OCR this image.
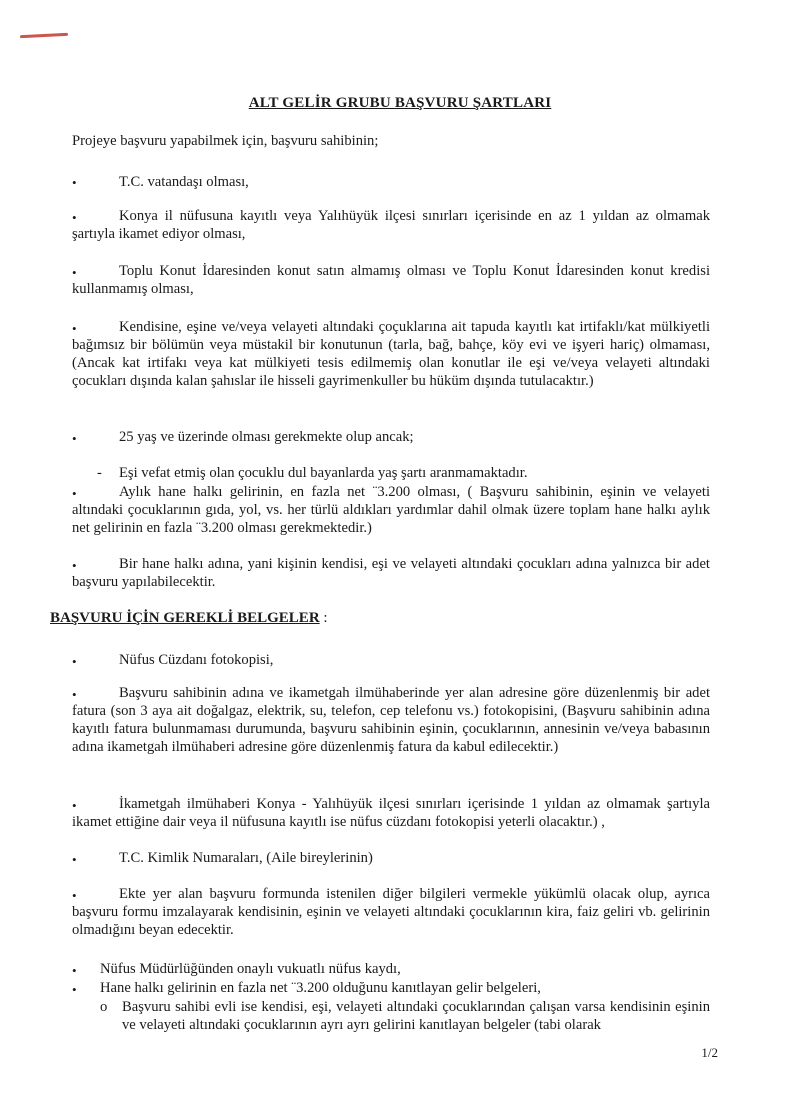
ALT GELİR GRUBU BAŞVURU ŞARTLARI
Projeye başvuru yapabilmek için, başvuru sahibinin;
•	T.C. vatandaşı olması,
•	Konya il nüfusuna kayıtlı veya Yalıhüyük ilçesi sınırları içerisinde en az 1 yıldan az olmamak şartıyla ikamet ediyor olması,
•	Toplu Konut İdaresinden konut satın almamış olması ve Toplu Konut İdaresinden konut kredisi kullanmamış olması,
•	Kendisine, eşine ve/veya velayeti altındaki çoçuklarına ait tapuda kayıtlı kat irtifaklı/kat mülkiyetli bağımsız bir bölümün veya müstakil bir konutunun (tarla, bağ, bahçe, köy evi ve işyeri hariç) olmaması, (Ancak kat irtifakı veya kat mülkiyeti tesis edilmemiş olan konutlar ile eşi ve/veya velayeti altındaki çocukları dışında kalan şahıslar ile hisseli gayrimenkuller bu hüküm dışında tutulacaktır.)
•	25 yaş ve üzerinde olması gerekmekte olup ancak;
- Eşi vefat etmiş olan çocuklu dul bayanlarda yaş şartı aranmamaktadır.
•	Aylık hane halkı gelirinin, en fazla net ¨3.200 olması, ( Başvuru sahibinin, eşinin ve velayeti altındaki çocuklarının gıda, yol, vs. her türlü aldıkları yardımlar dahil olmak üzere toplam hane halkı aylık net gelirinin en fazla ¨3.200 olması gerekmektedir.)
•	Bir hane halkı adına, yani kişinin kendisi, eşi ve velayeti altındaki çocukları adına yalnızca bir adet başvuru yapılabilecektir.
BAŞVURU İÇİN GEREKLİ BELGELER :
•	Nüfus Cüzdanı fotokopisi,
•	Başvuru sahibinin adına ve ikametgah ilmühaberinde yer alan adresine göre düzenlenmiş bir adet fatura (son 3 aya ait doğalgaz, elektrik, su, telefon, cep telefonu vs.) fotokopisini, (Başvuru sahibinin adına kayıtlı fatura bulunmaması durumunda, başvuru sahibinin eşinin, çocuklarının, annesinin ve/veya babasının adına ikametgah ilmühaberi adresine göre düzenlenmiş fatura da kabul edilecektir.)
•	İkametgah ilmühaberi Konya - Yalıhüyük ilçesi sınırları içerisinde 1 yıldan az olmamak şartıyla ikamet ettiğine dair veya il nüfusuna kayıtlı ise nüfus cüzdanı fotokopisi yeterli olacaktır.) ,
•	T.C. Kimlik Numaraları, (Aile bireylerinin)
•	Ekte yer alan başvuru formunda istenilen diğer bilgileri vermekle yükümlü olacak olup, ayrıca başvuru formu imzalayarak kendisinin, eşinin ve velayeti altındaki çocuklarının kira, faiz geliri vb. gelirinin olmadığını beyan edecektir.
• Nüfus Müdürlüğünden onaylı vukuatlı nüfus kaydı,
• Hane halkı gelirinin en fazla net ¨3.200 olduğunu kanıtlayan gelir belgeleri,
o Başvuru sahibi evli ise kendisi, eşi, velayeti altındaki çocuklarından çalışan varsa kendisinin eşinin ve velayeti altındaki çocuklarının ayrı ayrı gelirini kanıtlayan belgeler (tabi olarak
1/2
